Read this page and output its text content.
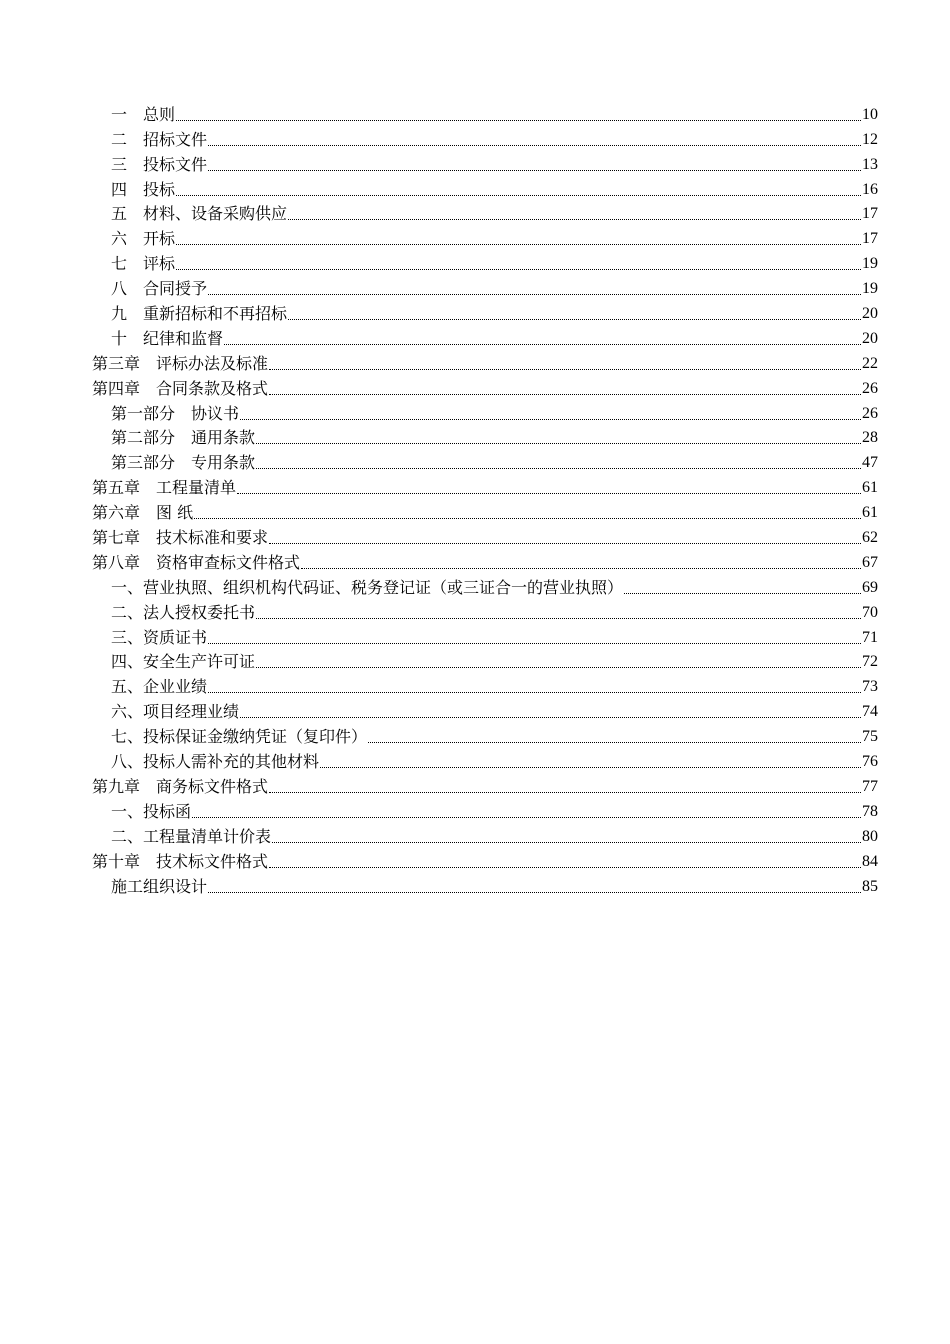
一　总则	10
二　招标文件	12
三　投标文件	13
四　投标	16
五　材料、设备采购供应	17
六　开标	17
七　评标	19
八　合同授予	19
九　重新招标和不再招标	20
十　纪律和监督	20
第三章　评标办法及标准	22
第四章　合同条款及格式	26
第一部分　协议书	26
第二部分　通用条款	28
第三部分　专用条款	47
第五章　工程量清单	61
第六章　图 纸	61
第七章　技术标准和要求	62
第八章　资格审查标文件格式	67
一、营业执照、组织机构代码证、税务登记证（或三证合一的营业执照）	69
二、法人授权委托书	70
三、资质证书	71
四、安全生产许可证	72
五、企业业绩	73
六、项目经理业绩	74
七、投标保证金缴纳凭证（复印件）	75
八、投标人需补充的其他材料	76
第九章　商务标文件格式	77
一、投标函	78
二、工程量清单计价表	80
第十章　技术标文件格式	84
施工组织设计	85
